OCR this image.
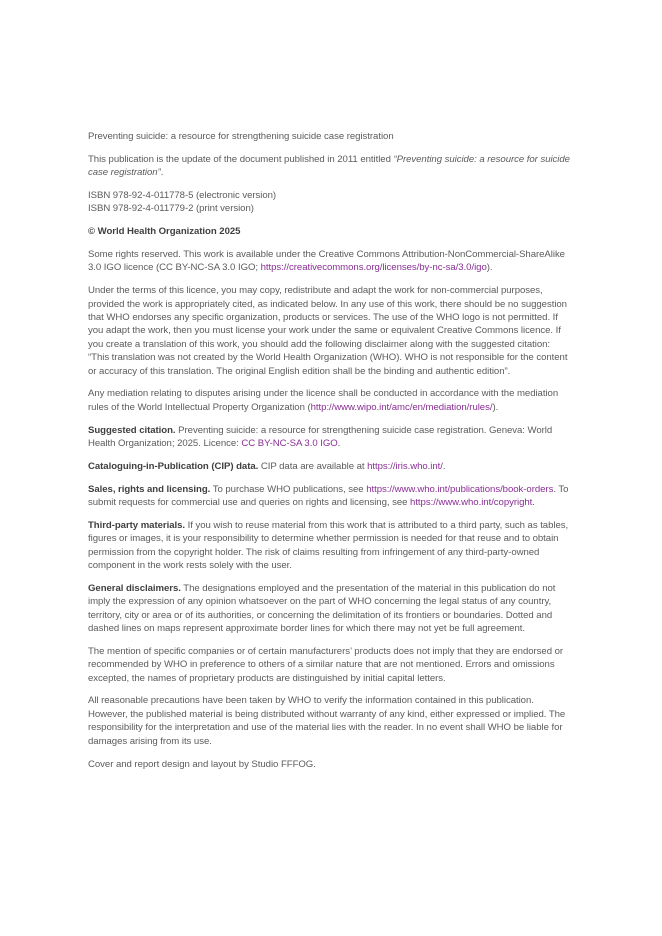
Preventing suicide: a resource for strengthening suicide case registration

This publication is the update of the document published in 2011 entitled “Preventing suicide: a resource for suicide case registration”.

ISBN 978-92-4-011778-5 (electronic version)
ISBN 978-92-4-011779-2 (print version)

© World Health Organization 2025

Some rights reserved. This work is available under the Creative Commons Attribution-NonCommercial-ShareAlike 3.0 IGO licence (CC BY-NC-SA 3.0 IGO; https://creativecommons.org/licenses/by-nc-sa/3.0/igo).

Under the terms of this licence, you may copy, redistribute and adapt the work for non-commercial purposes, provided the work is appropriately cited, as indicated below. In any use of this work, there should be no suggestion that WHO endorses any specific organization, products or services. The use of the WHO logo is not permitted. If you adapt the work, then you must license your work under the same or equivalent Creative Commons licence. If you create a translation of this work, you should add the following disclaimer along with the suggested citation: “This translation was not created by the World Health Organization (WHO). WHO is not responsible for the content or accuracy of this translation. The original English edition shall be the binding and authentic edition”.

Any mediation relating to disputes arising under the licence shall be conducted in accordance with the mediation rules of the World Intellectual Property Organization (http://www.wipo.int/amc/en/mediation/rules/).

Suggested citation. Preventing suicide: a resource for strengthening suicide case registration. Geneva: World Health Organization; 2025. Licence: CC BY-NC-SA 3.0 IGO.

Cataloguing-in-Publication (CIP) data. CIP data are available at https://iris.who.int/.

Sales, rights and licensing. To purchase WHO publications, see https://www.who.int/publications/book-orders. To submit requests for commercial use and queries on rights and licensing, see https://www.who.int/copyright.

Third-party materials. If you wish to reuse material from this work that is attributed to a third party, such as tables, figures or images, it is your responsibility to determine whether permission is needed for that reuse and to obtain permission from the copyright holder. The risk of claims resulting from infringement of any third-party-owned component in the work rests solely with the user.

General disclaimers. The designations employed and the presentation of the material in this publication do not imply the expression of any opinion whatsoever on the part of WHO concerning the legal status of any country, territory, city or area or of its authorities, or concerning the delimitation of its frontiers or boundaries. Dotted and dashed lines on maps represent approximate border lines for which there may not yet be full agreement.

The mention of specific companies or of certain manufacturers’ products does not imply that they are endorsed or recommended by WHO in preference to others of a similar nature that are not mentioned. Errors and omissions excepted, the names of proprietary products are distinguished by initial capital letters.

All reasonable precautions have been taken by WHO to verify the information contained in this publication. However, the published material is being distributed without warranty of any kind, either expressed or implied. The responsibility for the interpretation and use of the material lies with the reader. In no event shall WHO be liable for damages arising from its use.

Cover and report design and layout by Studio FFFOG.
